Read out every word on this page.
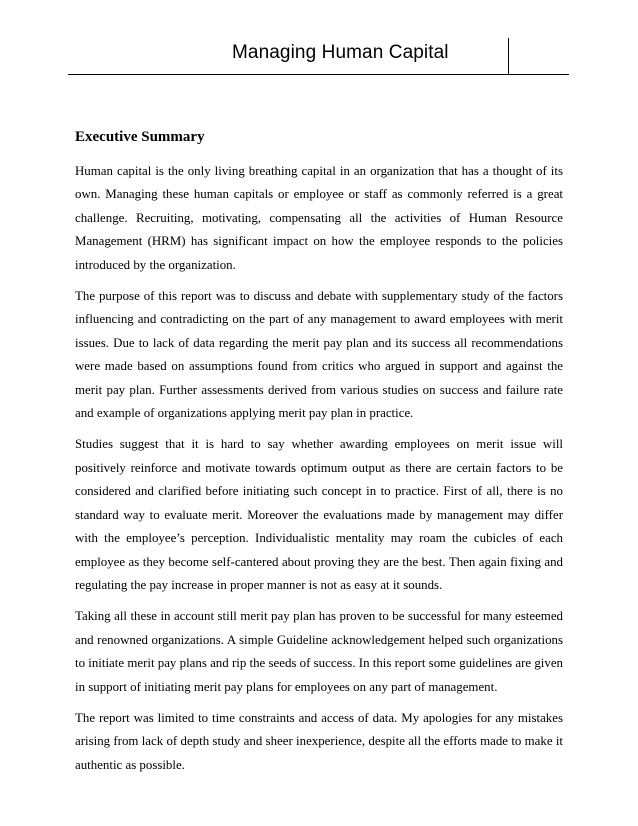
Managing Human Capital
Executive Summary

Human capital is the only living breathing capital in an organization that has a thought of its own. Managing these human capitals or employee or staff as commonly referred is a great challenge. Recruiting, motivating, compensating all the activities of Human Resource Management (HRM) has significant impact on how the employee responds to the policies introduced by the organization.

The purpose of this report was to discuss and debate with supplementary study of the factors influencing and contradicting on the part of any management to award employees with merit issues. Due to lack of data regarding the merit pay plan and its success all recommendations were made based on assumptions found from critics who argued in support and against the merit pay plan. Further assessments derived from various studies on success and failure rate and example of organizations applying merit pay plan in practice.

Studies suggest that it is hard to say whether awarding employees on merit issue will positively reinforce and motivate towards optimum output as there are certain factors to be considered and clarified before initiating such concept in to practice. First of all, there is no standard way to evaluate merit. Moreover the evaluations made by management may differ with the employee’s perception. Individualistic mentality may roam the cubicles of each employee as they become self-cantered about proving they are the best. Then again fixing and regulating the pay increase in proper manner is not as easy at it sounds.

Taking all these in account still merit pay plan has proven to be successful for many esteemed and renowned organizations. A simple Guideline acknowledgement helped such organizations to initiate merit pay plans and rip the seeds of success. In this report some guidelines are given in support of initiating merit pay plans for employees on any part of management.

The report was limited to time constraints and access of data. My apologies for any mistakes arising from lack of depth study and sheer inexperience, despite all the efforts made to make it authentic as possible.
